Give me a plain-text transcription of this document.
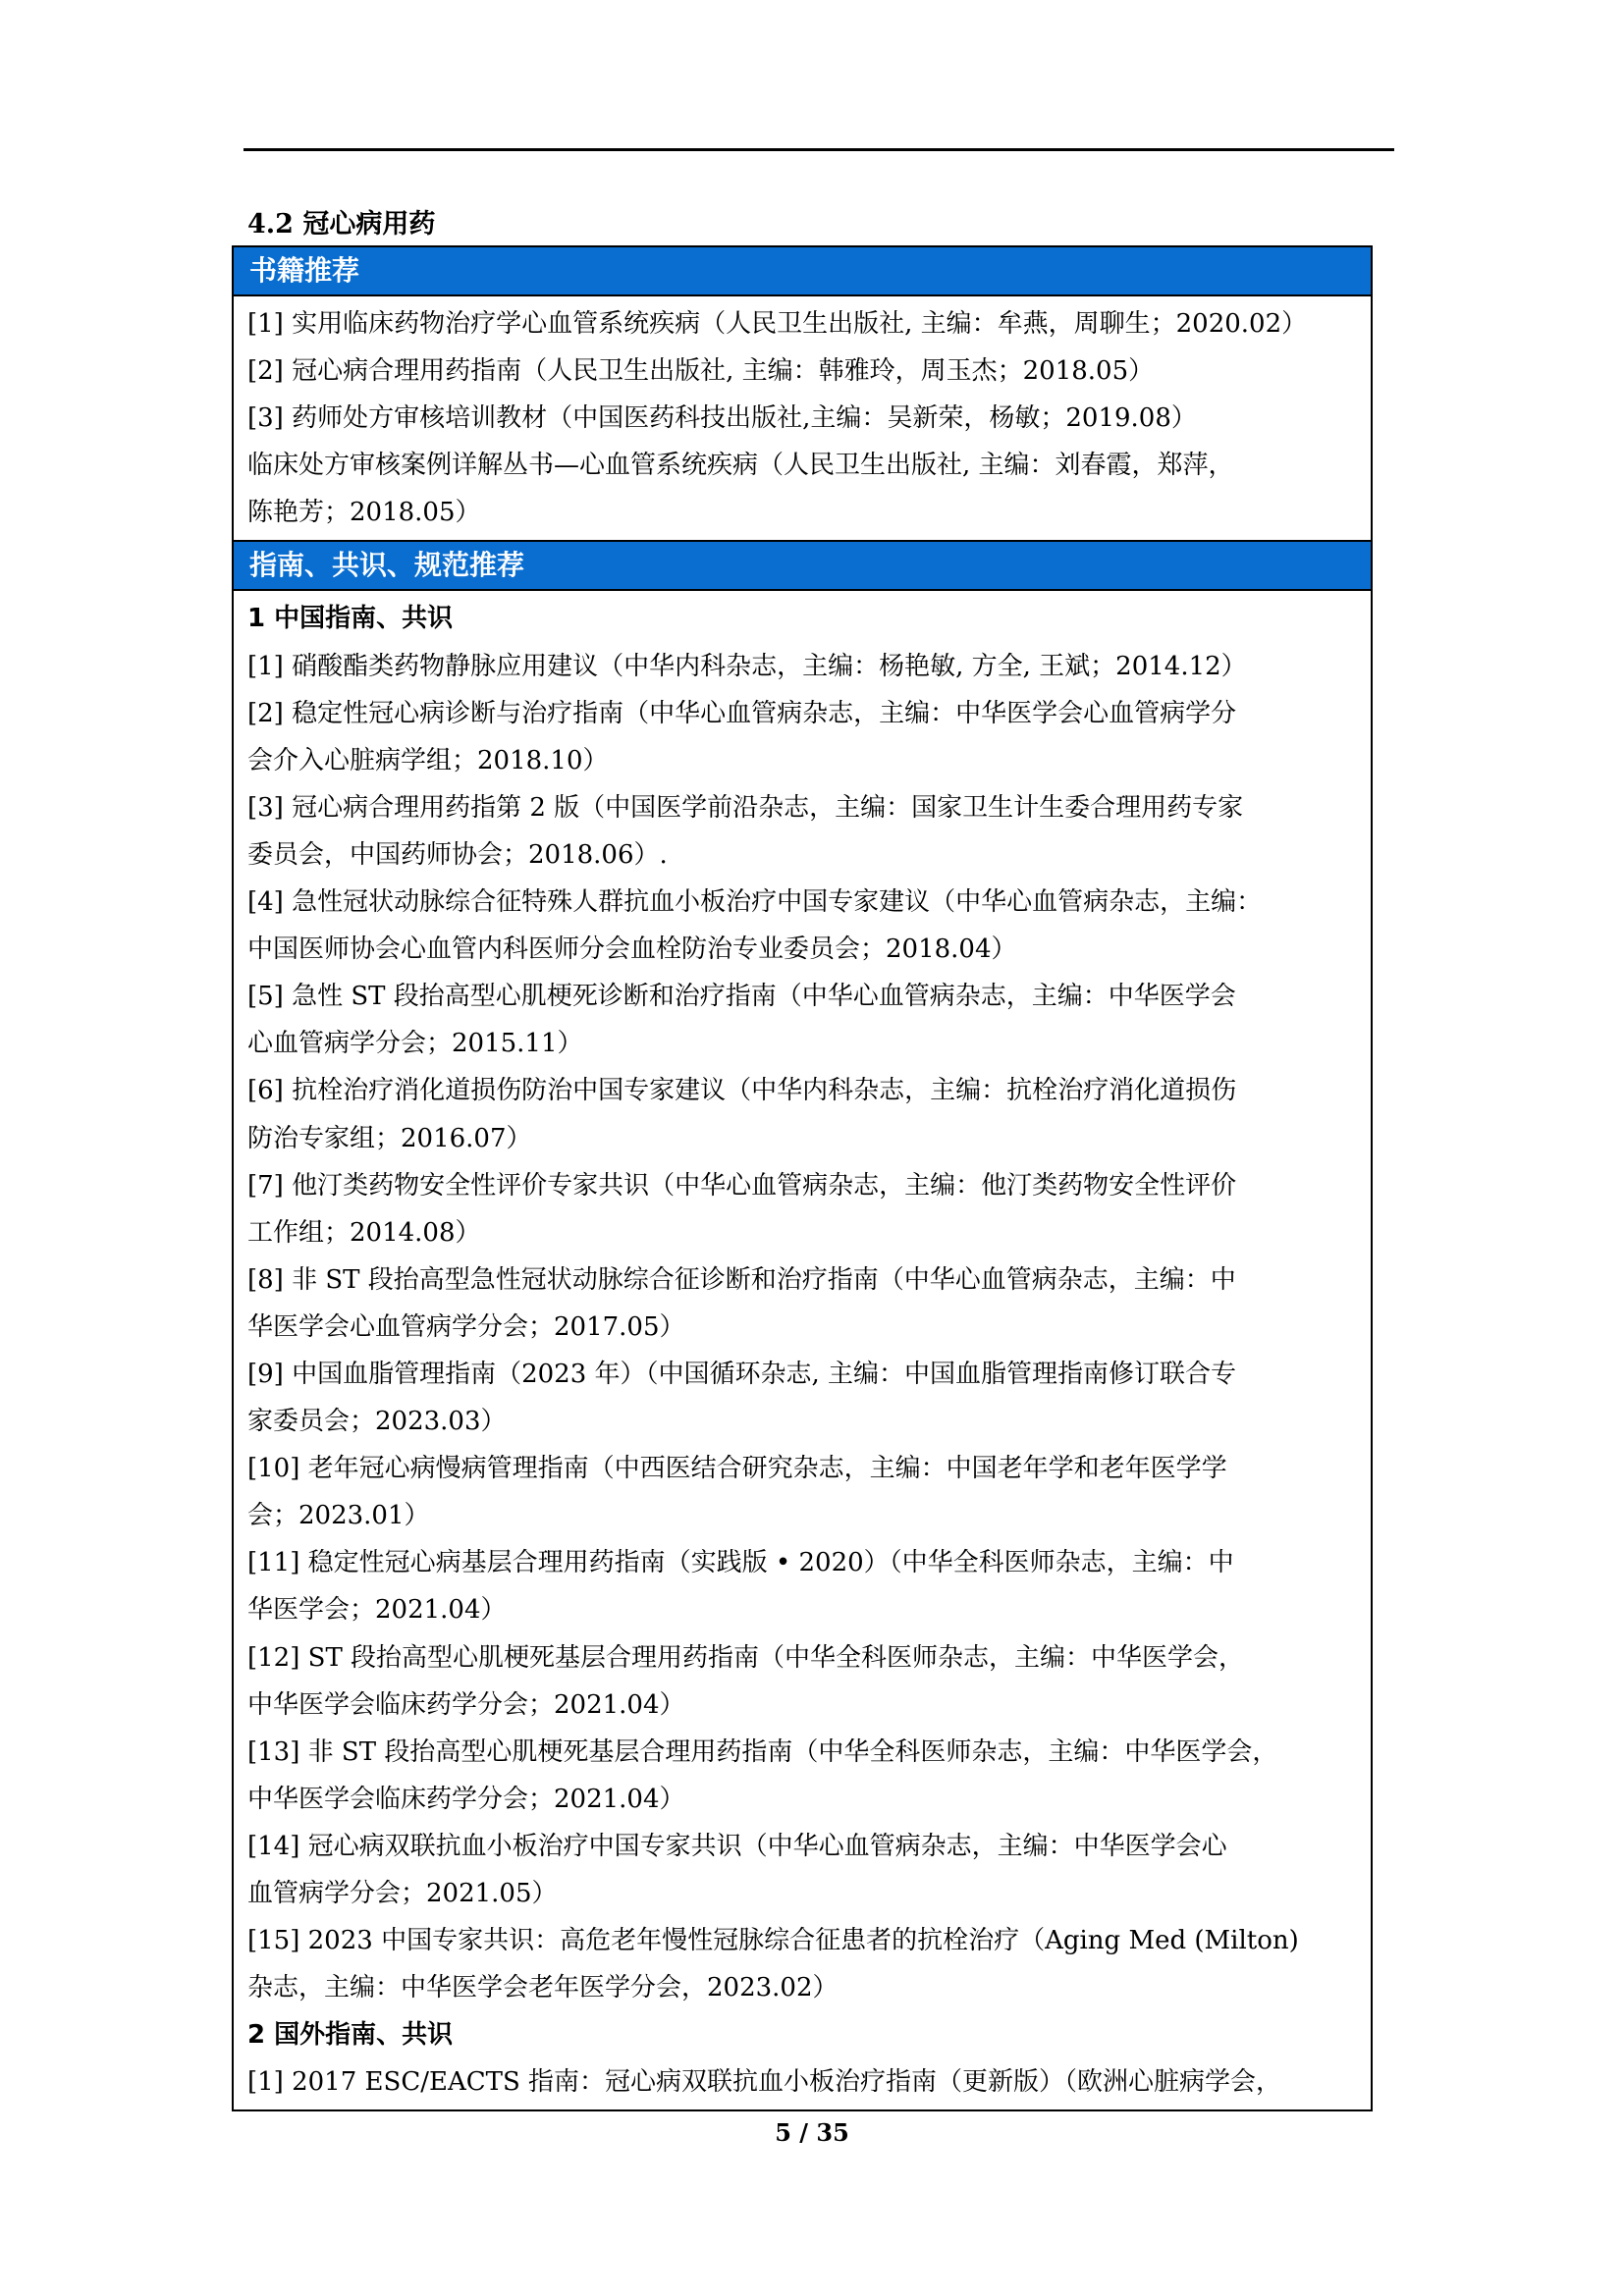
4.2 冠心病用药
书籍推荐
[1] 实用临床药物治疗学心血管系统疾病（人民卫生出版社, 主编：牟燕，周聊生；2020.02）
[2] 冠心病合理用药指南（人民卫生出版社, 主编：韩雅玲，周玉杰；2018.05）
[3] 药师处方审核培训教材（中国医药科技出版社,主编：吴新荣，杨敏；2019.08）
临床处方审核案例详解丛书—心血管系统疾病（人民卫生出版社, 主编：刘春霞，郑萍，
陈艳芳；2018.05）
指南、共识、规范推荐
1 中国指南、共识
[1] 硝酸酯类药物静脉应用建议（中华内科杂志，主编：杨艳敏, 方全, 王斌；2014.12）
[2] 稳定性冠心病诊断与治疗指南（中华心血管病杂志，主编：中华医学会心血管病学分
会介入心脏病学组；2018.10）
[3] 冠心病合理用药指第 2 版（中国医学前沿杂志，主编：国家卫生计生委合理用药专家
委员会，中国药师协会；2018.06）.
[4] 急性冠状动脉综合征特殊人群抗血小板治疗中国专家建议（中华心血管病杂志，主编：
中国医师协会心血管内科医师分会血栓防治专业委员会；2018.04）
[5] 急性 ST 段抬高型心肌梗死诊断和治疗指南（中华心血管病杂志，主编：中华医学会
心血管病学分会；2015.11）
[6] 抗栓治疗消化道损伤防治中国专家建议（中华内科杂志，主编：抗栓治疗消化道损伤
防治专家组；2016.07）
[7] 他汀类药物安全性评价专家共识（中华心血管病杂志，主编：他汀类药物安全性评价
工作组；2014.08）
[8] 非 ST 段抬高型急性冠状动脉综合征诊断和治疗指南（中华心血管病杂志，主编：中
华医学会心血管病学分会；2017.05）
[9] 中国血脂管理指南（2023 年）（中国循环杂志, 主编：中国血脂管理指南修订联合专
家委员会；2023.03）
[10] 老年冠心病慢病管理指南（中西医结合研究杂志，主编：中国老年学和老年医学学
会；2023.01）
[11] 稳定性冠心病基层合理用药指南（实践版 • 2020）（中华全科医师杂志，主编：中
华医学会；2021.04）
[12] ST 段抬高型心肌梗死基层合理用药指南（中华全科医师杂志，主编：中华医学会，
中华医学会临床药学分会；2021.04）
[13] 非 ST 段抬高型心肌梗死基层合理用药指南（中华全科医师杂志，主编：中华医学会，
中华医学会临床药学分会；2021.04）
[14] 冠心病双联抗血小板治疗中国专家共识（中华心血管病杂志，主编：中华医学会心
血管病学分会；2021.05）
[15] 2023 中国专家共识：高危老年慢性冠脉综合征患者的抗栓治疗（Aging Med (Milton)
杂志，主编：中华医学会老年医学分会，2023.02）
2 国外指南、共识
[1] 2017 ESC/EACTS 指南：冠心病双联抗血小板治疗指南（更新版）（欧洲心脏病学会，
5 / 35
